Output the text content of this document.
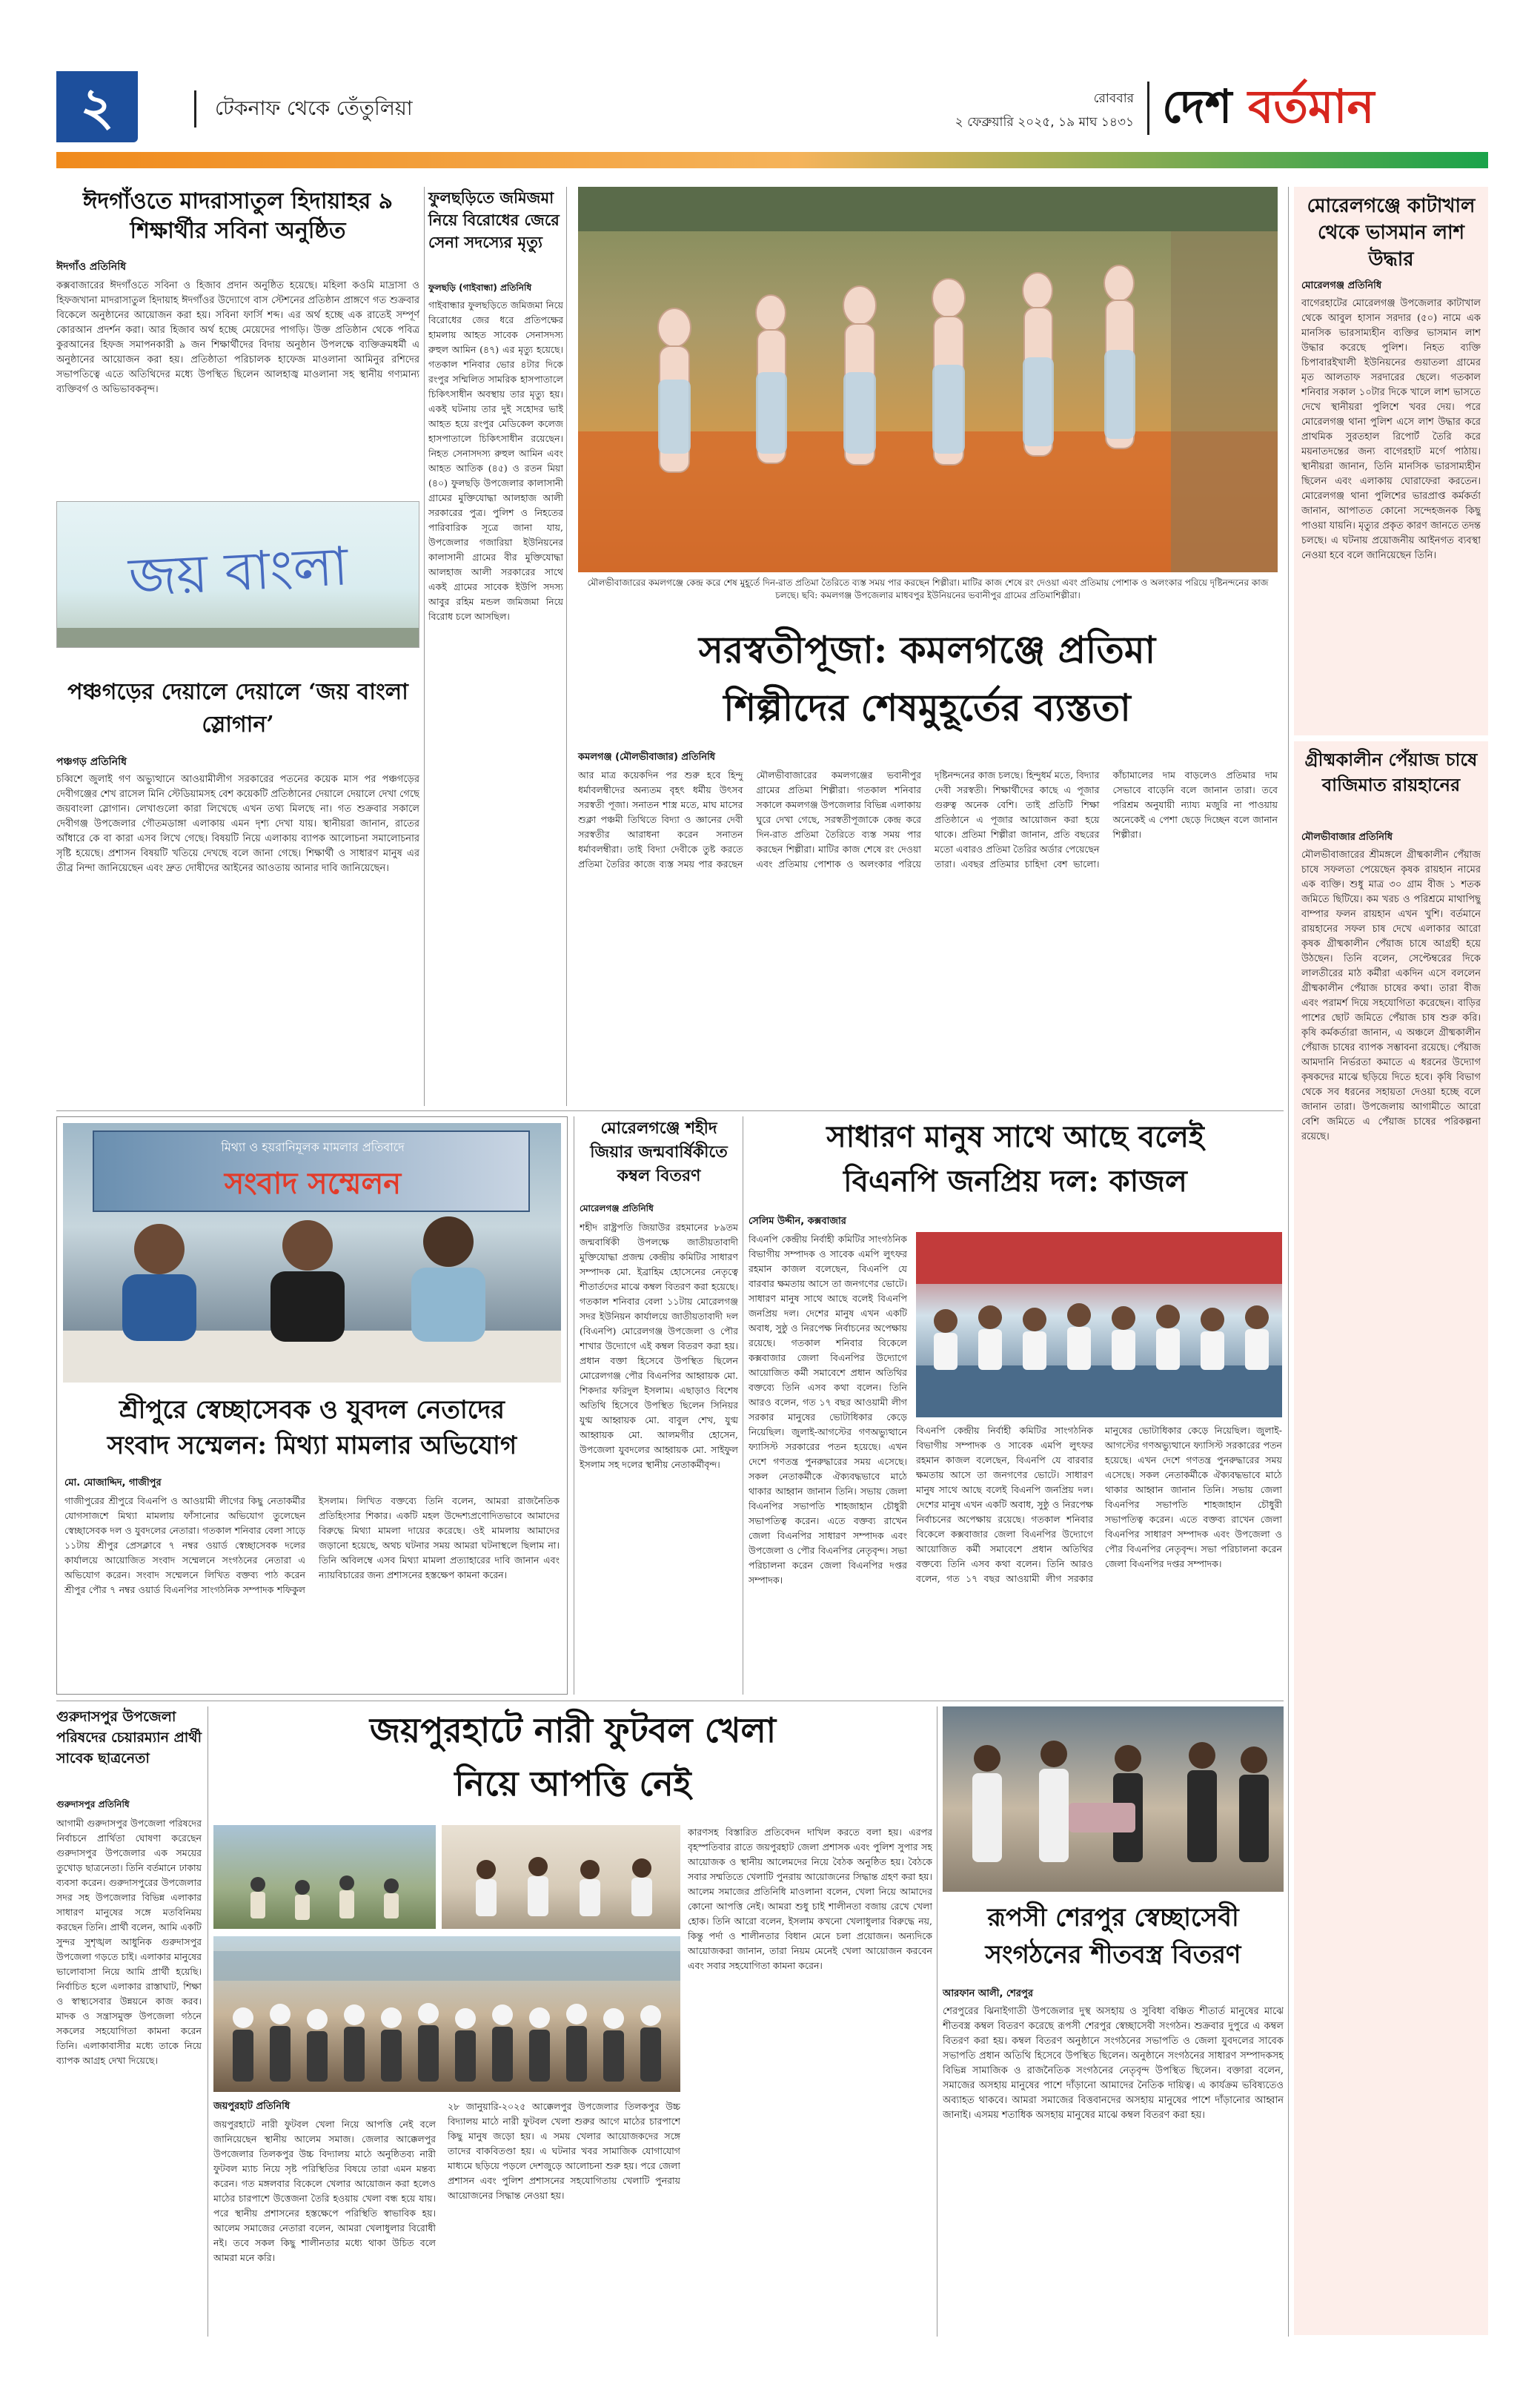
২	টেকনাফ থেকে তেঁতুলিয়া	রোববার
২ ফেব্রুয়ারি ২০২৫, ১৯ মাঘ ১৪৩১ দেশ বর্তমান
ঈদগাঁওতে মাদরাসাতুল হিদায়াহর ৯ শিক্ষার্থীর সবিনা অনুষ্ঠিত
ঈদগাঁও প্রতিনিধি
কক্সবাজারের ঈদগাঁওতে সবিনা ও হিজাব প্রদান অনুষ্ঠিত হয়েছে। মহিলা কওমি মাদ্রাসা ও হিফজখানা মাদরাসাতুল হিদায়াহ ঈদগাঁওর উদ্যোগে বাস স্টেশনের প্রতিষ্ঠান প্রাঙ্গণে গত শুক্রবার বিকেলে অনুষ্ঠানের আয়োজন করা হয়। সবিনা ফার্সি শব্দ। এর অর্থ হচ্ছে এক রাতেই সম্পূর্ণ কোরআন প্রদর্শন করা। আর হিজাব অর্থ হচ্ছে মেয়েদের পাগড়ি। উক্ত প্রতিষ্ঠান থেকে পবিত্র কুরআনের হিফজ সমাপনকারী ৯ জন শিক্ষার্থীদের বিদায় অনুষ্ঠান উপলক্ষে ব্যক্তিক্রমধর্মী এ অনুষ্ঠানের আয়োজন করা হয়। প্রতিষ্ঠাতা পরিচালক হাফেজ মাওলানা আমিনুর রশিদের সভাপতিত্বে এতে অতিথিদের মধ্যে উপস্থিত ছিলেন আলহাজ্ব মাওলানা সহ স্থানীয় গণ্যমান্য ব্যক্তিবর্গ ও অভিভাবকবৃন্দ।
জয় বাংলা
পঞ্চগড়ের দেয়ালে দেয়ালে ‘জয় বাংলা স্লোগান’
পঞ্চগড় প্রতিনিধি
চব্বিশে জুলাই গণ অভ্যুত্থানে আওয়ামীলীগ সরকারের পতনের কয়েক মাস পর পঞ্চগড়ের দেবীগঞ্জের শেখ রাসেল মিনি স্টেডিয়ামসহ বেশ কয়েকটি প্রতিষ্ঠানের দেয়ালে দেয়ালে দেখা গেছে জয়বাংলা স্লোগান। লেখাগুলো কারা লিখেছে এখন তথ্য মিলছে না। গত শুক্রবার সকালে দেবীগঞ্জ উপজেলার গৌতমডাঙ্গা এলাকায় এমন দৃশ্য দেখা যায়। স্থানীয়রা জানান, রাতের আঁধারে কে বা কারা এসব লিখে গেছে। বিষয়টি নিয়ে এলাকায় ব্যাপক আলোচনা সমালোচনার সৃষ্টি হয়েছে। প্রশাসন বিষয়টি খতিয়ে দেখছে বলে জানা গেছে। শিক্ষার্থী ও সাধারণ মানুষ এর তীব্র নিন্দা জানিয়েছেন এবং দ্রুত দোষীদের আইনের আওতায় আনার দাবি জানিয়েছেন।
ফুলছড়িতে জমিজমা নিয়ে বিরোধের জেরে সেনা সদস্যের মৃত্যু
ফুলছড়ি (গাইবান্ধা) প্রতিনিধি
গাইবান্ধার ফুলছড়িতে জমিজমা নিয়ে বিরোধের জের ধরে প্রতিপক্ষের হামলায় আহত সাবেক সেনাসদস্য রুহুল আমিন (৪৭) এর মৃত্যু হয়েছে। গতকাল শনিবার ভোর ৪টার দিকে রংপুর সম্মিলিত সামরিক হাসপাতালে চিকিৎসাধীন অবস্থায় তার মৃত্যু হয়। একই ঘটনায় তার দুই সহোদর ভাই আহত হয়ে রংপুর মেডিকেল কলেজ হাসপাতালে চিকিৎসাধীন রয়েছেন। নিহত সেনাসদস্য রুহুল আমিন এবং আহত আতিক (৪৫) ও রতন মিয়া (৪০) ফুলছড়ি উপজেলার কালাসানী গ্রামের মুক্তিযোদ্ধা আলহাজ আলী সরকারের পুত্র। পুলিশ ও নিহতের পারিবারিক সূত্রে জানা যায়, উপজেলার গজারিয়া ইউনিয়নের কালাসানী গ্রামের বীর মুক্তিযোদ্ধা আলহাজ আলী সরকারের সাথে একই গ্রামের সাবেক ইউপি সদস্য আবুর রহিম মন্ডল জমিজমা নিয়ে বিরোধ চলে আসছিল।
মৌলভীবাজারের কমলগঞ্জে কেন্দ্র করে শেষ মুহূর্তে দিন-রাত প্রতিমা তৈরিতে ব্যস্ত সময় পার করছেন শিল্পীরা। মাটির কাজ শেষে রং দেওয়া এবং প্রতিমায় পোশাক ও অলংকার পরিয়ে দৃষ্টিনন্দনের কাজ চলছে। ছবি: কমলগঞ্জ উপজেলার মাধবপুর ইউনিয়নের ভবানীপুর গ্রামের প্রতিমাশিল্পীরা।
সরস্বতীপূজা: কমলগঞ্জে প্রতিমা
শিল্পীদের শেষমুহূর্তের ব্যস্ততা
কমলগঞ্জ (মৌলভীবাজার) প্রতিনিধি
আর মাত্র কয়েকদিন পর শুরু হবে হিন্দু ধর্মাবলম্বীদের অন্যতম বৃহৎ ধর্মীয় উৎসব সরস্বতী পূজা। সনাতন শাস্ত্র মতে, মাঘ মাসের শুক্লা পঞ্চমী তিথিতে বিদ্যা ও জ্ঞানের দেবী সরস্বতীর আরাধনা করেন সনাতন ধর্মাবলম্বীরা। তাই বিদ্যা দেবীকে তুষ্ট করতে প্রতিমা তৈরির কাজে ব্যস্ত সময় পার করছেন মৌলভীবাজারের কমলগঞ্জের ভবানীপুর গ্রামের প্রতিমা শিল্পীরা। গতকাল শনিবার সকালে কমলগঞ্জ উপজেলার বিভিন্ন এলাকায় ঘুরে দেখা গেছে, সরস্বতীপূজাকে কেন্দ্র করে দিন-রাত প্রতিমা তৈরিতে ব্যস্ত সময় পার করছেন শিল্পীরা। মাটির কাজ শেষে রং দেওয়া এবং প্রতিমায় পোশাক ও অলংকার পরিয়ে দৃষ্টিনন্দনের কাজ চলছে। হিন্দুধর্ম মতে, বিদ্যার দেবী সরস্বতী। শিক্ষার্থীদের কাছে এ পূজার গুরুত্ব অনেক বেশি। তাই প্রতিটি শিক্ষা প্রতিষ্ঠানে এ পূজার আয়োজন করা হয়ে থাকে। প্রতিমা শিল্পীরা জানান, প্রতি বছরের মতো এবারও প্রতিমা তৈরির অর্ডার পেয়েছেন তারা। এবছর প্রতিমার চাহিদা বেশ ভালো। কাঁচামালের দাম বাড়লেও প্রতিমার দাম সেভাবে বাড়েনি বলে জানান তারা। তবে পরিশ্রম অনুযায়ী ন্যায্য মজুরি না পাওয়ায় অনেকেই এ পেশা ছেড়ে দিচ্ছেন বলে জানান শিল্পীরা।
মোরেলগঞ্জে কাটাখাল থেকে ভাসমান লাশ উদ্ধার
মোরেলগঞ্জ প্রতিনিধি
বাগেরহাটের মোরেলগঞ্জ উপজেলার কাটাখাল থেকে আবুল হাসান সরদার (৫০) নামে এক মানসিক ভারসাম্যহীন ব্যক্তির ভাসমান লাশ উদ্ধার করেছে পুলিশ। নিহত ব্যক্তি চিপাবারইখালী ইউনিয়নের গুয়াতলা গ্রামের মৃত আলতাফ সরদারের ছেলে। গতকাল শনিবার সকাল ১০টার দিকে খালে লাশ ভাসতে দেখে স্থানীয়রা পুলিশে খবর দেয়। পরে মোরেলগঞ্জ থানা পুলিশ এসে লাশ উদ্ধার করে প্রাথমিক সুরতহাল রিপোর্ট তৈরি করে ময়নাতদন্তের জন্য বাগেরহাট মর্গে পাঠায়। স্থানীয়রা জানান, তিনি মানসিক ভারসাম্যহীন ছিলেন এবং এলাকায় ঘোরাফেরা করতেন। মোরেলগঞ্জ থানা পুলিশের ভারপ্রাপ্ত কর্মকর্তা জানান, আপাতত কোনো সন্দেহজনক কিছু পাওয়া যায়নি। মৃত্যুর প্রকৃত কারণ জানতে তদন্ত চলছে। এ ঘটনায় প্রয়োজনীয় আইনগত ব্যবস্থা নেওয়া হবে বলে জানিয়েছেন তিনি।
গ্রীষ্মকালীন পেঁয়াজ চাষে বাজিমাত রায়হানের
মৌলভীবাজার প্রতিনিধি
মৌলভীবাজারের শ্রীমঙ্গলে গ্রীষ্মকালীন পেঁয়াজ চাষে সফলতা পেয়েছেন কৃষক রায়হান নামের এক ব্যক্তি। শুধু মাত্র ৩০ গ্রাম বীজ ১ শতক জমিতে ছিটিয়ে। কম খরচ ও পরিশ্রমে মাথাপিছু বাম্পার ফলন রায়হান এখন খুশি। বর্তমানে রায়হানের সফল চাষ দেখে এলাকার আরো কৃষক গ্রীষ্মকালীন পেঁয়াজ চাষে আগ্রহী হয়ে উঠছেন। তিনি বলেন, সেপ্টেম্বরের দিকে লালতীরের মাঠ কর্মীরা একদিন এসে বললেন গ্রীষ্মকালীন পেঁয়াজ চাষের কথা। তারা বীজ এবং পরামর্শ দিয়ে সহযোগিতা করেছেন। বাড়ির পাশের ছোট জমিতে পেঁয়াজ চাষ শুরু করি। কৃষি কর্মকর্তারা জানান, এ অঞ্চলে গ্রীষ্মকালীন পেঁয়াজ চাষের ব্যাপক সম্ভাবনা রয়েছে। পেঁয়াজ আমদানি নির্ভরতা কমাতে এ ধরনের উদ্যোগ কৃষকদের মাঝে ছড়িয়ে দিতে হবে। কৃষি বিভাগ থেকে সব ধরনের সহায়তা দেওয়া হচ্ছে বলে জানান তারা। উপজেলায় আগামীতে আরো বেশি জমিতে এ পেঁয়াজ চাষের পরিকল্পনা রয়েছে।
মিথ্যা ও হয়রানিমূলক মামলার প্রতিবাদে
সংবাদ সম্মেলন
শ্রীপুরে স্বেচ্ছাসেবক ও যুবদল নেতাদের
সংবাদ সম্মেলন: মিথ্যা মামলার অভিযোগ
মো. মোজাদ্দিদ, গাজীপুর
গাজীপুরের শ্রীপুরে বিএনপি ও আওয়ামী লীগের কিছু নেতাকর্মীর যোগসাজশে মিথ্যা মামলায় ফাঁসানোর অভিযোগ তুলেছেন স্বেচ্ছাসেবক দল ও যুবদলের নেতারা। গতকাল শনিবার বেলা সাড়ে ১১টায় শ্রীপুর প্রেসক্লাবে ৭ নম্বর ওয়ার্ড স্বেচ্ছাসেবক দলের কার্যালয়ে আয়োজিত সংবাদ সম্মেলনে সংগঠনের নেতারা এ অভিযোগ করেন। সংবাদ সম্মেলনে লিখিত বক্তব্য পাঠ করেন শ্রীপুর পৌর ৭ নম্বর ওয়ার্ড বিএনপির সাংগঠনিক সম্পাদক শফিকুল ইসলাম। লিখিত বক্তব্যে তিনি বলেন, আমরা রাজনৈতিক প্রতিহিংসার শিকার। একটি মহল উদ্দেশ্যপ্রণোদিতভাবে আমাদের বিরুদ্ধে মিথ্যা মামলা দায়ের করেছে। ওই মামলায় আমাদের জড়ানো হয়েছে, অথচ ঘটনার সময় আমরা ঘটনাস্থলে ছিলাম না। তিনি অবিলম্বে এসব মিথ্যা মামলা প্রত্যাহারের দাবি জানান এবং ন্যায়বিচারের জন্য প্রশাসনের হস্তক্ষেপ কামনা করেন।
মোরেলগঞ্জে শহীদ জিয়ার জন্মবার্ষিকীতে কম্বল বিতরণ
মোরেলগঞ্জ প্রতিনিধি
শহীদ রাষ্ট্রপতি জিয়াউর রহমানের ৮৯তম জন্মবার্ষিকী উপলক্ষে জাতীয়তাবাদী মুক্তিযোদ্ধা প্রজন্ম কেন্দ্রীয় কমিটির সাধারণ সম্পাদক মো. ইব্রাহিম হোসেনের নেতৃত্বে শীতার্তদের মাঝে কম্বল বিতরণ করা হয়েছে। গতকাল শনিবার বেলা ১১টায় মোরেলগঞ্জ সদর ইউনিয়ন কার্যালয়ে জাতীয়তাবাদী দল (বিএনপি) মোরেলগঞ্জ উপজেলা ও পৌর শাখার উদ্যোগে এই কম্বল বিতরণ করা হয়। প্রধান বক্তা হিসেবে উপস্থিত ছিলেন মোরেলগঞ্জ পৌর বিএনপির আহ্বায়ক মো. শিকদার ফরিদুল ইসলাম। এছাড়াও বিশেষ অতিথি হিসেবে উপস্থিত ছিলেন সিনিয়র যুগ্ম আহ্বায়ক মো. বাবুল শেখ, যুগ্ম আহ্বায়ক মো. আলমগীর হোসেন, উপজেলা যুবদলের আহ্বায়ক মো. সাইফুল ইসলাম সহ দলের স্থানীয় নেতাকর্মীবৃন্দ।
সাধারণ মানুষ সাথে আছে বলেই
বিএনপি জনপ্রিয় দল: কাজল
সেলিম উদ্দীন, কক্সবাজার
বিএনপি কেন্দ্রীয় নির্বাহী কমিটির সাংগঠনিক বিভাগীয় সম্পাদক ও সাবেক এমপি লুৎফর রহমান কাজল বলেছেন, বিএনপি যে বারবার ক্ষমতায় আসে তা জনগণের ভোটে। সাধারণ মানুষ সাথে আছে বলেই বিএনপি জনপ্রিয় দল। দেশের মানুষ এখন একটি অবাধ, সুষ্ঠু ও নিরপেক্ষ নির্বাচনের অপেক্ষায় রয়েছে। গতকাল শনিবার বিকেলে কক্সবাজার জেলা বিএনপির উদ্যোগে আয়োজিত কর্মী সমাবেশে প্রধান অতিথির বক্তব্যে তিনি এসব কথা বলেন। তিনি আরও বলেন, গত ১৭ বছর আওয়ামী লীগ সরকার মানুষের ভোটাধিকার কেড়ে নিয়েছিল। জুলাই-আগস্টের গণঅভ্যুত্থানে ফ্যাসিস্ট সরকারের পতন হয়েছে। এখন দেশে গণতন্ত্র পুনরুদ্ধারের সময় এসেছে। সকল নেতাকর্মীকে ঐক্যবদ্ধভাবে মাঠে থাকার আহ্বান জানান তিনি। সভায় জেলা বিএনপির সভাপতি শাহজাহান চৌধুরী সভাপতিত্ব করেন। এতে বক্তব্য রাখেন জেলা বিএনপির সাধারণ সম্পাদক এবং উপজেলা ও পৌর বিএনপির নেতৃবৃন্দ। সভা পরিচালনা করেন জেলা বিএনপির দপ্তর সম্পাদক।
বিএনপি কেন্দ্রীয় নির্বাহী কমিটির সাংগঠনিক বিভাগীয় সম্পাদক ও সাবেক এমপি লুৎফর রহমান কাজল বলেছেন, বিএনপি যে বারবার ক্ষমতায় আসে তা জনগণের ভোটে। সাধারণ মানুষ সাথে আছে বলেই বিএনপি জনপ্রিয় দল। দেশের মানুষ এখন একটি অবাধ, সুষ্ঠু ও নিরপেক্ষ নির্বাচনের অপেক্ষায় রয়েছে। গতকাল শনিবার বিকেলে কক্সবাজার জেলা বিএনপির উদ্যোগে আয়োজিত কর্মী সমাবেশে প্রধান অতিথির বক্তব্যে তিনি এসব কথা বলেন। তিনি আরও বলেন, গত ১৭ বছর আওয়ামী লীগ সরকার মানুষের ভোটাধিকার কেড়ে নিয়েছিল। জুলাই-আগস্টের গণঅভ্যুত্থানে ফ্যাসিস্ট সরকারের পতন হয়েছে। এখন দেশে গণতন্ত্র পুনরুদ্ধারের সময় এসেছে। সকল নেতাকর্মীকে ঐক্যবদ্ধভাবে মাঠে থাকার আহ্বান জানান তিনি। সভায় জেলা বিএনপির সভাপতি শাহজাহান চৌধুরী সভাপতিত্ব করেন। এতে বক্তব্য রাখেন জেলা বিএনপির সাধারণ সম্পাদক এবং উপজেলা ও পৌর বিএনপির নেতৃবৃন্দ। সভা পরিচালনা করেন জেলা বিএনপির দপ্তর সম্পাদক।
গুরুদাসপুর উপজেলা পরিষদের চেয়ারম্যান প্রার্থী সাবেক ছাত্রনেতা
গুরুদাসপুর প্রতিনিধি
আগামী গুরুদাসপুর উপজেলা পরিষদের নির্বাচনে প্রার্থিতা ঘোষণা করেছেন গুরুদাসপুর উপজেলার এক সময়ের তুখোড় ছাত্রনেতা। তিনি বর্তমানে ঢাকায় ব্যবসা করেন। গুরুদাসপুরের উপজেলার সদর সহ উপজেলার বিভিন্ন এলাকার সাধারণ মানুষের সঙ্গে মতবিনিময় করছেন তিনি। প্রার্থী বলেন, আমি একটি সুন্দর সুশৃঙ্খল আধুনিক গুরুদাসপুর উপজেলা গড়তে চাই। এলাকার মানুষের ভালোবাসা নিয়ে আমি প্রার্থী হয়েছি। নির্বাচিত হলে এলাকার রাস্তাঘাট, শিক্ষা ও স্বাস্থ্যসেবার উন্নয়নে কাজ করব। মাদক ও সন্ত্রাসমুক্ত উপজেলা গঠনে সকলের সহযোগিতা কামনা করেন তিনি। এলাকাবাসীর মধ্যে তাকে নিয়ে ব্যাপক আগ্রহ দেখা দিয়েছে।
জয়পুরহাটে নারী ফুটবল খেলা
নিয়ে আপত্তি নেই
কারণসহ বিস্তারিত প্রতিবেদন দাখিল করতে বলা হয়। এরপর বৃহস্পতিবার রাতে জয়পুরহাট জেলা প্রশাসক এবং পুলিশ সুপার সহ আয়োজক ও স্থানীয় আলেমদের নিয়ে বৈঠক অনুষ্ঠিত হয়। বৈঠকে সবার সম্মতিতে খেলাটি পুনরায় আয়োজনের সিদ্ধান্ত গ্রহণ করা হয়। আলেম সমাজের প্রতিনিধি মাওলানা বলেন, খেলা নিয়ে আমাদের কোনো আপত্তি নেই। আমরা শুধু চাই শালীনতা বজায় রেখে খেলা হোক। তিনি আরো বলেন, ইসলাম কখনো খেলাধুলার বিরুদ্ধে নয়, কিন্তু পর্দা ও শালীনতার বিধান মেনে চলা প্রয়োজন। অন্যদিকে আয়োজকরা জানান, তারা নিয়ম মেনেই খেলা আয়োজন করবেন এবং সবার সহযোগিতা কামনা করেন।
জয়পুরহাট প্রতিনিধি
জয়পুরহাটে নারী ফুটবল খেলা নিয়ে আপত্তি নেই বলে জানিয়েছেন স্থানীয় আলেম সমাজ। জেলার আক্কেলপুর উপজেলার তিলকপুর উচ্চ বিদ্যালয় মাঠে অনুষ্ঠিতব্য নারী ফুটবল ম্যাচ নিয়ে সৃষ্ট পরিস্থিতির বিষয়ে তারা এমন মন্তব্য করেন। গত মঙ্গলবার বিকেলে খেলার আয়োজন করা হলেও মাঠের চারপাশে উত্তেজনা তৈরি হওয়ায় খেলা বন্ধ হয়ে যায়। পরে স্থানীয় প্রশাসনের হস্তক্ষেপে পরিস্থিতি স্বাভাবিক হয়। আলেম সমাজের নেতারা বলেন, আমরা খেলাধুলার বিরোধী নই। তবে সকল কিছু শালীনতার মধ্যে থাকা উচিত বলে আমরা মনে করি।
২৮ জানুয়ারি-২০২৫ আক্কেলপুর উপজেলার তিলকপুর উচ্চ বিদ্যালয় মাঠে নারী ফুটবল খেলা শুরুর আগে মাঠের চারপাশে কিছু মানুষ জড়ো হয়। এ সময় খেলার আয়োজকদের সঙ্গে তাদের বাকবিতণ্ডা হয়। এ ঘটনার খবর সামাজিক যোগাযোগ মাধ্যমে ছড়িয়ে পড়লে দেশজুড়ে আলোচনা শুরু হয়। পরে জেলা প্রশাসন এবং পুলিশ প্রশাসনের সহযোগিতায় খেলাটি পুনরায় আয়োজনের সিদ্ধান্ত নেওয়া হয়।
রূপসী শেরপুর স্বেচ্ছাসেবী
সংগঠনের শীতবস্ত্র বিতরণ
আরফান আলী, শেরপুর
শেরপুরের ঝিনাইগাতী উপজেলার দুস্থ অসহায় ও সুবিধা বঞ্চিত শীতার্ত মানুষের মাঝে শীতবস্ত্র কম্বল বিতরণ করেছে রূপসী শেরপুর স্বেচ্ছাসেবী সংগঠন। শুক্রবার দুপুরে এ কম্বল বিতরণ করা হয়। কম্বল বিতরণ অনুষ্ঠানে সংগঠনের সভাপতি ও জেলা যুবদলের সাবেক সভাপতি প্রধান অতিথি হিসেবে উপস্থিত ছিলেন। অনুষ্ঠানে সংগঠনের সাধারণ সম্পাদকসহ বিভিন্ন সামাজিক ও রাজনৈতিক সংগঠনের নেতৃবৃন্দ উপস্থিত ছিলেন। বক্তারা বলেন, সমাজের অসহায় মানুষের পাশে দাঁড়ানো আমাদের নৈতিক দায়িত্ব। এ কার্যক্রম ভবিষ্যতেও অব্যাহত থাকবে। আমরা সমাজের বিত্তবানদের অসহায় মানুষের পাশে দাঁড়ানোর আহ্বান জানাই। এসময় শতাধিক অসহায় মানুষের মাঝে কম্বল বিতরণ করা হয়।
